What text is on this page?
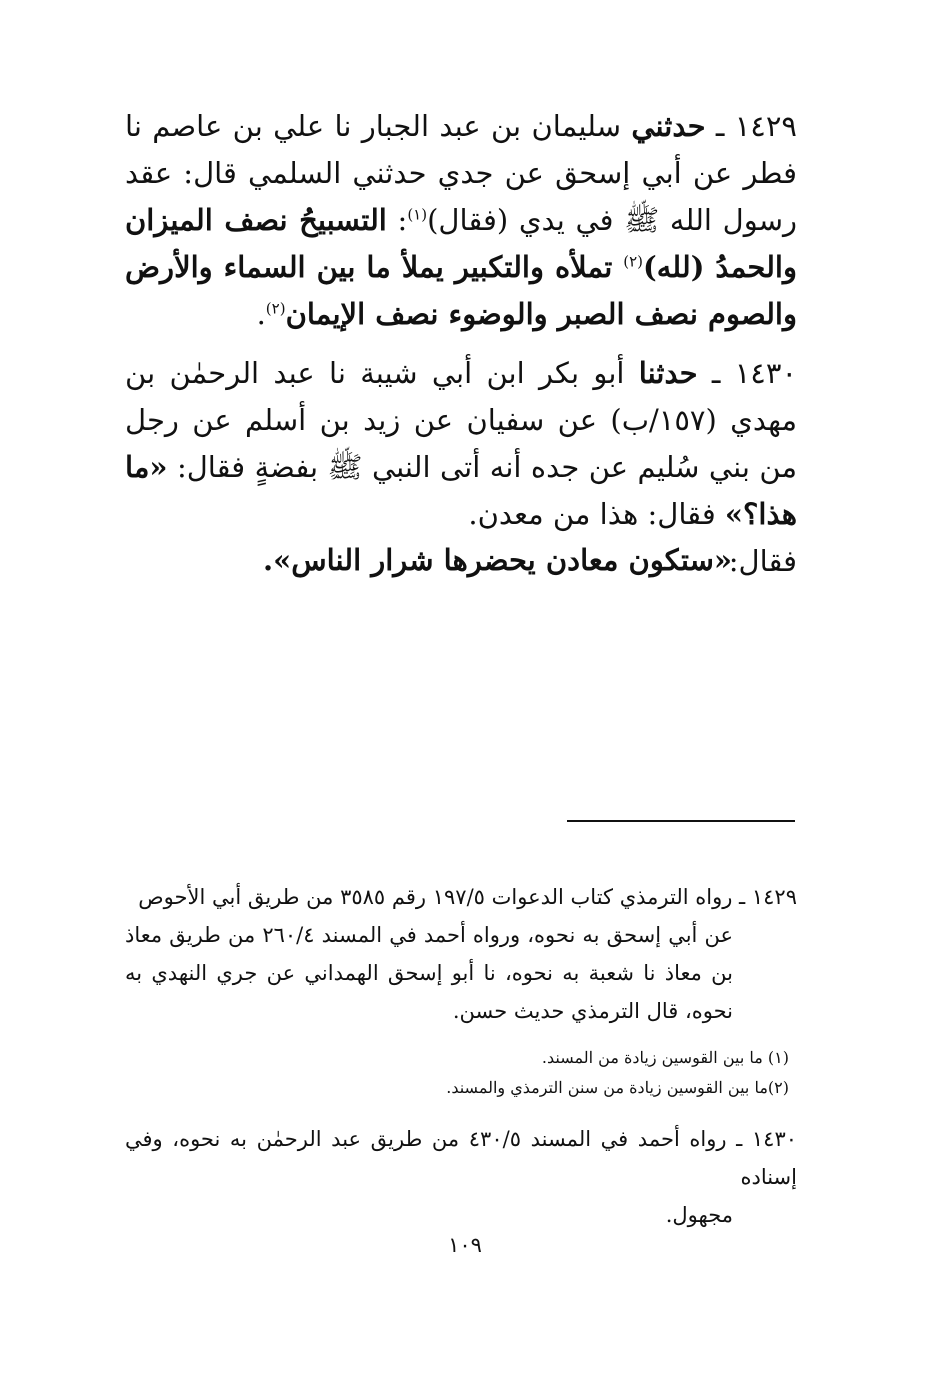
١٤٢٩ ـ حدثني سليمان بن عبد الجبار نا علي بن عاصم نا فطر عن أبي إسحق عن جدي حدثني السلمي قال: عقد رسول الله ﷺ في يدي (فقال)$^{(١)}$: التسبيحُ نصف الميزان والحمدُ (لله)$^{(٢)}$ تملأه والتكبير يملأ ما بين السماء والأرض والصوم نصف الصبر والوضوء نصف الإيمان$^{(٢)}$.

١٤٣٠ ـ حدثنا أبو بكر ابن أبي شيبة نا عبد الرحمٰن بن مهدي (١٥٧/ب) عن سفيان عن زيد بن أسلم عن رجل من بني سُليم عن جده أنه أتى النبي ﷺ بفضةٍ فقال: «ما هذا؟» فقال: هذا من معدن.
فقال:

«ستكون معادن يحضرها شرار الناس».

١٤٢٩ ـ رواه الترمذي كتاب الدعوات ١٩٧/٥ رقم ٣٥٨٥ من طريق أبي الأحوص
عن أبي إسحق به نحوه، ورواه أحمد في المسند ٢٦٠/٤ من طريق معاذ بن معاذ نا شعبة به نحوه، نا أبو إسحق الهمداني عن جري النهدي به نحوه، قال الترمذي حديث حسن.

(١) ما بين القوسين زيادة من المسند.
(٢)ما بين القوسين زيادة من سنن الترمذي والمسند.

١٤٣٠ ـ رواه أحمد في المسند ٤٣٠/٥ من طريق عبد الرحمٰن به نحوه، وفي إسناده
مجهول.

١٠٩
